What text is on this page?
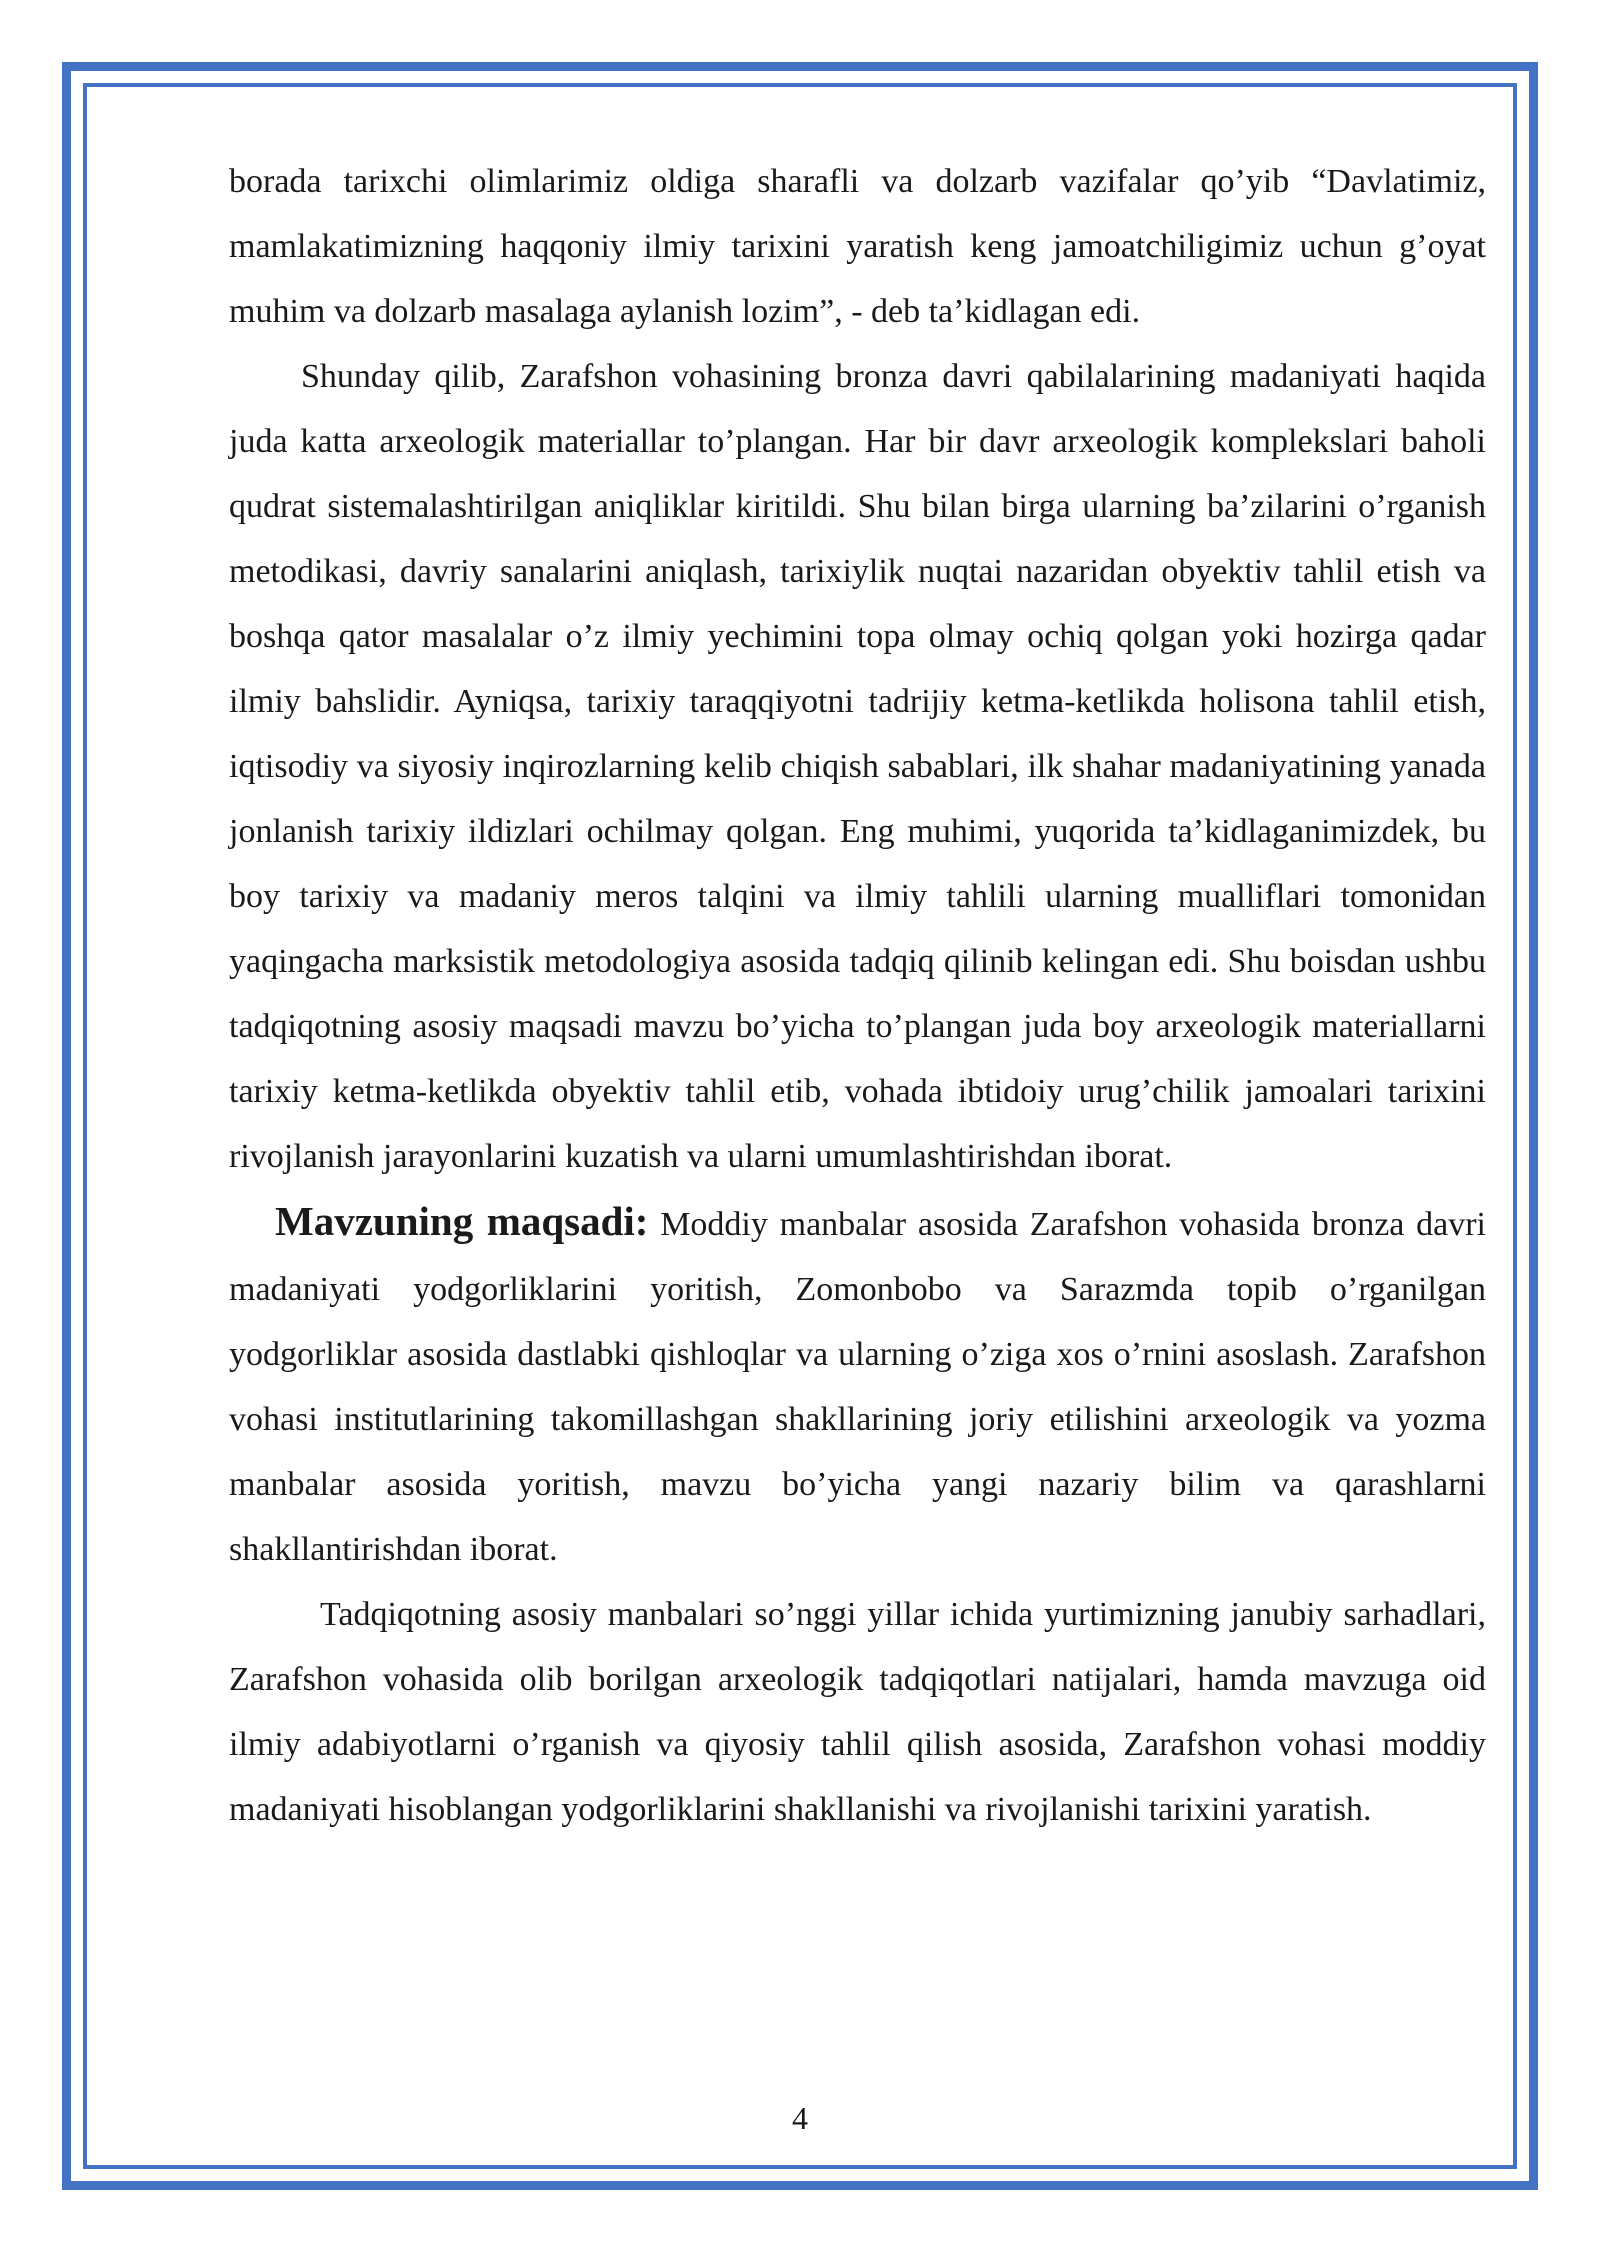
borada tarixchi olimlarimiz oldiga sharafli va dolzarb vazifalar qo’yib “Davlatimiz, mamlakatimizning haqqoniy ilmiy tarixini yaratish keng jamoatchiligimiz uchun g’oyat muhim va dolzarb masalaga aylanish lozim”, - deb ta’kidlagan edi.

Shunday qilib, Zarafshon vohasining bronza davri qabilalarining madaniyati haqida juda katta arxeologik materiallar to’plangan. Har bir davr arxeologik komplekslari baholi qudrat sistemalashtirilgan aniqliklar kiritildi. Shu bilan birga ularning ba’zilarini o’rganish metodikasi, davriy sanalarini aniqlash, tarixiylik nuqtai nazaridan obyektiv tahlil etish va boshqa qator masalalar o’z ilmiy yechimini topa olmay ochiq qolgan yoki hozirga qadar ilmiy bahslidir. Ayniqsa, tarixiy taraqqiyotni tadrijiy ketma-ketlikda holisona tahlil etish, iqtisodiy va siyosiy inqirozlarning kelib chiqish sabablari, ilk shahar madaniyatining yanada jonlanish tarixiy ildizlari ochilmay qolgan. Eng muhimi, yuqorida ta’kidlaganimizdek, bu boy tarixiy va madaniy meros talqini va ilmiy tahlili ularning mualliflari tomonidan yaqingacha marksistik metodologiya asosida tadqiq qilinib kelingan edi. Shu boisdan ushbu tadqiqotning asosiy maqsadi mavzu bo’yicha to’plangan juda boy arxeologik materiallarni tarixiy ketma-ketlikda obyektiv tahlil etib, vohada ibtidoiy urug’chilik jamoalari tarixini rivojlanish jarayonlarini kuzatish va ularni umumlashtirishdan iborat.

Mavzuning maqsadi: Moddiy manbalar asosida Zarafshon vohasida bronza davri madaniyati yodgorliklarini yoritish, Zomonbobo va Sarazmda topib o’rganilgan yodgorliklar asosida dastlabki qishloqlar va ularning o’ziga xos o’rnini asoslash. Zarafshon vohasi institutlarining takomillashgan shakllarining joriy etilishini arxeologik va yozma manbalar asosida yoritish, mavzu bo’yicha yangi nazariy bilim va qarashlarni shakllantirishdan iborat.

Tadqiqotning asosiy manbalari so’nggi yillar ichida yurtimizning janubiy sarhadlari, Zarafshon vohasida olib borilgan arxeologik tadqiqotlari natijalari, hamda mavzuga oid ilmiy adabiyotlarni o’rganish va qiyosiy tahlil qilish asosida, Zarafshon vohasi moddiy madaniyati hisoblangan yodgorliklarini shakllanishi va rivojlanishi tarixini yaratish.

4
